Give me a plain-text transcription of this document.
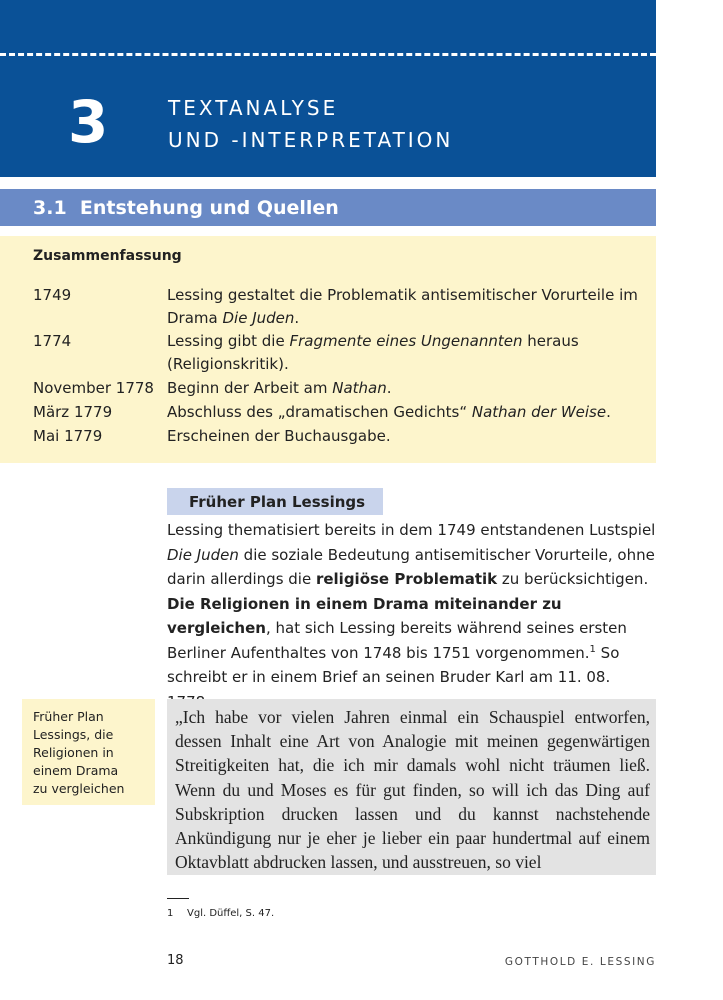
3	TEXTANALYSE
UND -INTERPRETATION
3.1  Entstehung und Quellen
Zusammenfassung
1749	Lessing gestaltet die Problematik antisemitischer Vorurteile im Drama Die Juden.
1774	Lessing gibt die Fragmente eines Ungenannten heraus (Religionskritik).
November 1778 Beginn der Arbeit am Nathan.
März 1779	Abschluss des „dramatischen Gedichts“ Nathan der Weise.
Mai 1779	Erscheinen der Buchausgabe.
Früher Plan Lessings
Lessing thematisiert bereits in dem 1749 entstandenen Lustspiel Die Juden die soziale Bedeutung antisemitischer Vorurteile, ohne darin allerdings die religiöse Problematik zu berücksichtigen. Die Religionen in einem Drama miteinander zu vergleichen, hat sich Lessing bereits während seines ersten Berliner Aufenthaltes von 1748 bis 1751 vorgenommen.$^1$ So schreibt er in einem Brief an seinen Bruder Karl am 11. 08.
Früher Plan
Lessings, die
Religionen in
einem Drama
zu vergleichen
„Ich habe vor vielen Jahren einmal ein Schauspiel entworfen, dessen Inhalt eine Art von Analogie mit meinen gegenwärtigen Streitigkeiten hat, die ich mir damals wohl nicht träumen ließ. Wenn du und Moses es für gut finden, so will ich das Ding auf Subskription drucken lassen und du kannst nachstehende Ankündigung nur je eher je lieber ein paar hundertmal auf einem Oktavblatt abdrucken lassen, und ausstreuen, so viel
1 Vgl. Düffel, S. 47.
18	GOTTHOLD E. LESSING
